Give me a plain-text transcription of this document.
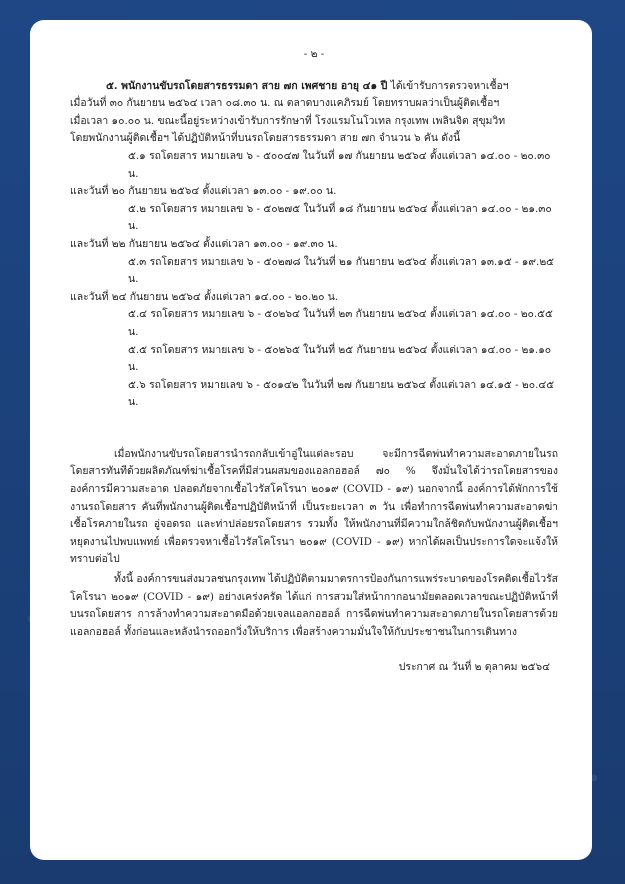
- ๒ -

๕. พนักงานขับรถโดยสารธรรมดา สาย ๗ก เพศชาย อายุ ๔๑ ปี ได้เข้ารับการตรวจหาเชื้อฯ

เมื่อวันที่ ๓๐ กันยายน ๒๕๖๔ เวลา ๐๘.๓๐ น. ณ ตลาดบางแคภิรมย์ โดยทราบผลว่าเป็นผู้ติดเชื้อฯ

เมื่อเวลา ๑๐.๐๐ น. ขณะนี้อยู่ระหว่างเข้ารับการรักษาที่ โรงแรมโนโวเทล กรุงเทพ เพลินจิต สุขุมวิท

โดยพนักงานผู้ติดเชื้อฯ ได้ปฏิบัติหน้าที่บนรถโดยสารธรรมดา สาย ๗ก จำนวน ๖ คัน ดังนี้

๕.๑ รถโดยสาร หมายเลข ๖ - ๕๐๐๔๗ ในวันที่ ๑๗ กันยายน ๒๕๖๔ ตั้งแต่เวลา ๑๔.๐๐ - ๒๐.๓๐ น.

และวันที่ ๒๐ กันยายน ๒๕๖๔ ตั้งแต่เวลา ๑๓.๐๐ - ๑๙.๐๐ น.

๕.๒ รถโดยสาร หมายเลข ๖ - ๕๐๒๗๕ ในวันที่ ๑๘ กันยายน ๒๕๖๔ ตั้งแต่เวลา ๑๔.๐๐ - ๒๑.๓๐ น.

และวันที่ ๒๒ กันยายน ๒๕๖๔ ตั้งแต่เวลา ๑๓.๐๐ - ๑๙.๓๐ น.

๕.๓ รถโดยสาร หมายเลข ๖ - ๕๐๒๗๘ ในวันที่ ๒๑ กันยายน ๒๕๖๔ ตั้งแต่เวลา ๑๓.๑๕ - ๑๙.๒๕ น.

และวันที่ ๒๔ กันยายน ๒๕๖๔ ตั้งแต่เวลา ๑๔.๐๐ - ๒๐.๒๐ น.

๕.๔ รถโดยสาร หมายเลข ๖ - ๕๐๒๖๔ ในวันที่ ๒๓ กันยายน ๒๕๖๔ ตั้งแต่เวลา ๑๔.๐๐ - ๒๐.๕๕ น.

๕.๕ รถโดยสาร หมายเลข ๖ - ๕๐๒๖๕ ในวันที่ ๒๕ กันยายน ๒๕๖๔ ตั้งแต่เวลา ๑๔.๐๐ - ๒๑.๑๐ น.

๕.๖ รถโดยสาร หมายเลข ๖ - ๕๐๑๔๒ ในวันที่ ๒๗ กันยายน ๒๕๖๔ ตั้งแต่เวลา ๑๔.๑๕ - ๒๐.๔๕ น.

เมื่อพนักงานขับรถโดยสารนำรถกลับเข้าอู่ในแต่ละรอบ จะมีการฉีดพ่นทำความสะอาดภายในรถโดยสารทันทีด้วยผลิตภัณฑ์ฆ่าเชื้อโรคที่มีส่วนผสมของแอลกอฮอล์ ๗๐ % จึงมั่นใจได้ว่ารถโดยสารของ องค์การมีความสะอาด ปลอดภัยจากเชื้อไวรัสโคโรนา ๒๐๑๙ (COVID - ๑๙) นอกจากนี้ องค์การได้พักการใช้งานรถโดยสาร คันที่พนักงานผู้ติดเชื้อฯปฏิบัติหน้าที่ เป็นระยะเวลา ๓ วัน เพื่อทำการฉีดพ่นทำความสะอาดฆ่าเชื้อโรคภายในรถ อู่จอดรถ และท่าปล่อยรถโดยสาร รวมทั้ง ให้พนักงานที่มีความใกล้ชิดกับพนักงานผู้ติดเชื้อฯ หยุดงานไปพบแพทย์ เพื่อตรวจหาเชื้อไวรัสโคโรนา ๒๐๑๙ (COVID - ๑๙) หากได้ผลเป็นประการใดจะแจ้งให้ทราบต่อไป

ทั้งนี้ องค์การขนส่งมวลชนกรุงเทพ ได้ปฏิบัติตามมาตรการป้องกันการแพร่ระบาดของโรคติดเชื้อไวรัสโคโรนา ๒๐๑๙ (COVID - ๑๙) อย่างเคร่งครัด ได้แก่ การสวมใส่หน้ากากอนามัยตลอดเวลาขณะปฏิบัติหน้าที่บนรถโดยสาร การล้างทำความสะอาดมือด้วยเจลแอลกอฮอล์ การฉีดพ่นทำความสะอาดภายในรถโดยสารด้วยแอลกอฮอล์ ทั้งก่อนและหลังนำรถออกวิ่งให้บริการ เพื่อสร้างความมั่นใจให้กับประชาชนในการเดินทาง

ประกาศ ณ วันที่ ๒ ตุลาคม ๒๕๖๔
